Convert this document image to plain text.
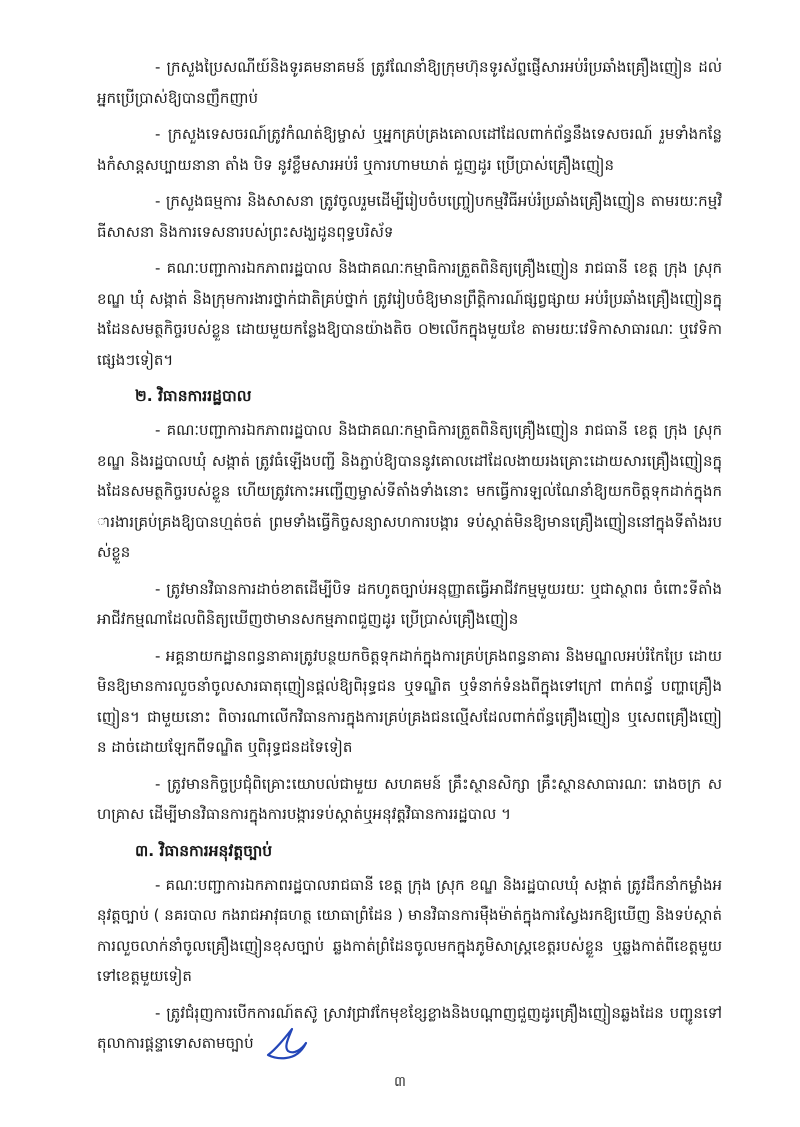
- ក្រសួងប្រៃសណីយ៍និងទូរគមនាគមន៍ ត្រូវណែនាំឱ្យក្រុមហ៊ុនទូរស័ព្ទផ្ញើសារអប់រំប្រឆាំងគ្រឿងញៀន ដល់អ្នកប្រើប្រាស់ឱ្យបានញឹកញាប់

- ក្រសួងទេសចរណ៍ត្រូវកំណត់ឱ្យម្ចាស់ ឬអ្នកគ្រប់គ្រងគោលដៅដែលពាក់ព័ន្ធនឹងទេសចរណ៍ រួមទាំងកន្លែងកំសាន្តសប្បាយនានា តាំង បិទ នូវខ្លឹមសារអប់រំ ឬការហាមឃាត់ ជួញដូរ ប្រើប្រាស់គ្រឿងញៀន

- ក្រសួងធម្មការ និងសាសនា ត្រូវចូលរួមដើម្បីរៀបចំបញ្ច្រៀបកម្មវិធីអប់រំប្រឆាំងគ្រឿងញៀន តាមរយៈកម្មវិធីសាសនា និងការទេសនារបស់ព្រះសង្ឃដូនពុទ្ធបរិស័ទ

- គណៈបញ្ជាការឯកភាពរដ្ឋបាល និងជាគណៈកម្មាធិការត្រួតពិនិត្យគ្រឿងញៀន រាជធានី ខេត្ត ក្រុង ស្រុក ខណ្ឌ ឃុំ សង្កាត់ និងក្រុមការងារថ្នាក់ជាតិគ្រប់ថ្នាក់ ត្រូវរៀបចំឱ្យមានព្រឹត្តិការណ៍ផ្សព្វផ្សាយ អប់រំប្រឆាំងគ្រឿងញៀនក្នុងដែនសមត្ថកិច្ចរបស់ខ្លួន ដោយមួយកន្លែងឱ្យបានយ៉ាងតិច ០២លើកក្នុងមួយខែ តាមរយៈវេទិកាសាធារណៈ ឬវេទិកាផ្សេងៗទៀត។

២. វិធានការរដ្ឋបាល

- គណៈបញ្ជាការឯកភាពរដ្ឋបាល និងជាគណៈកម្មាធិការត្រួតពិនិត្យគ្រឿងញៀន រាជធានី ខេត្ត ក្រុង ស្រុក ខណ្ឌ និងរដ្ឋបាលឃុំ សង្កាត់ ត្រូវធំឡើងបញ្ជី និងភ្ជាប់ឱ្យបាននូវគោលដៅដែលងាយរងគ្រោះដោយសារគ្រឿងញៀនក្នុងដែនសមត្ថកិច្ចរបស់ខ្លួន ហើយត្រូវកោះអញ្ជើញម្ចាស់ទីតាំងទាំងនោះ មកធ្វើការឡល់ណែនាំឱ្យយកចិត្តទុកដាក់ក្នុងការងារគ្រប់គ្រងឱ្យបានហ្មត់ចត់ ព្រមទាំងធ្វើកិច្ចសន្យាសហការបង្ការ ទប់ស្កាត់មិនឱ្យមានគ្រឿងញៀននៅក្នុងទីតាំងរបស់ខ្លួន

- ត្រូវមានវិធានការដាច់ខាតដើម្បីបិទ ដកហូតច្បាប់អនុញ្ញាតធ្វើអាជីវកម្មមួយរយៈ ឬជាស្ថាពរ ចំពោះទីតាំង អាជីវកម្មណាដែលពិនិត្យឃើញថាមានសកម្មភាពជួញដូរ ប្រើប្រាស់គ្រឿងញៀន

- អគ្គនាយកដ្ឋានពន្ធនាគារត្រូវបន្ថយកចិត្តទុកដាក់ក្នុងការគ្រប់គ្រងពន្ធនាគារ និងមណ្ឌលអប់រំកែប្រែ ដោយមិនឱ្យមានការលួចនាំចូលសារធាតុញៀនផ្តល់ឱ្យពិរុទ្ធជន ឬទណ្ឌិត ឬទំនាក់ទំនងពីក្នុងទៅក្រៅ ពាក់ពន្ធ័ បញ្ហាគ្រឿងញៀន។ ជាមួយនោះ ពិចារណាលើកវិធានការក្នុងការគ្រប់គ្រងជនល្មើសដែលពាក់ព័ន្ធគ្រឿងញៀន ឬសេពគ្រឿងញៀន ដាច់ដោយឡែកពីទណ្ឌិត ឬពិរុទ្ធជនដទៃទៀត

- ត្រូវមានកិច្ចប្រជុំពិគ្រោះយោបល់ជាមួយ សហគមន៍ គ្រឹះស្ថានសិក្សា គ្រឹះស្ថានសាធារណៈ រោងចក្រ សហគ្រាស ដើម្បីមានវិធានការក្នុងការបង្ការទប់ស្កាត់ឬអនុវត្តវិធានការរដ្ឋបាល ។

៣. វិធានការអនុវត្តច្បាប់

- គណៈបញ្ជាការឯកភាពរដ្ឋបាលរាជធានី ខេត្ត ក្រុង ស្រុក ខណ្ឌ និងរដ្ឋបាលឃុំ សង្កាត់ ត្រូវដឹកនាំកម្លាំងអនុវត្តច្បាប់ ( នគរបាល កងរាជអាវុធហត្ថ យោធាព្រំដែន ) មានវិធានការម៉ឺងម៉ាត់ក្នុងការស្វែងរកឱ្យឃើញ និងទប់ស្កាត់ការលួចលាក់នាំចូលគ្រឿងញៀនខុសច្បាប់ ឆ្លងកាត់ព្រំដែនចូលមកក្នុងភូមិសាស្ត្រខេត្តរបស់ខ្លួន ឬឆ្លងកាត់ពីខេត្តមួយ ទៅខេត្តមួយទៀត

- ត្រូវជំរុញការបើកការណ៍តស៊ូ ស្រាវជ្រាវកែមុខខ្សែខ្លាងនិងបណ្ដាញជួញដូរគ្រឿងញៀនឆ្លងដែន បញ្ជូនទៅតុលាការផ្តន្ទាទោសតាមច្បាប់

៣
